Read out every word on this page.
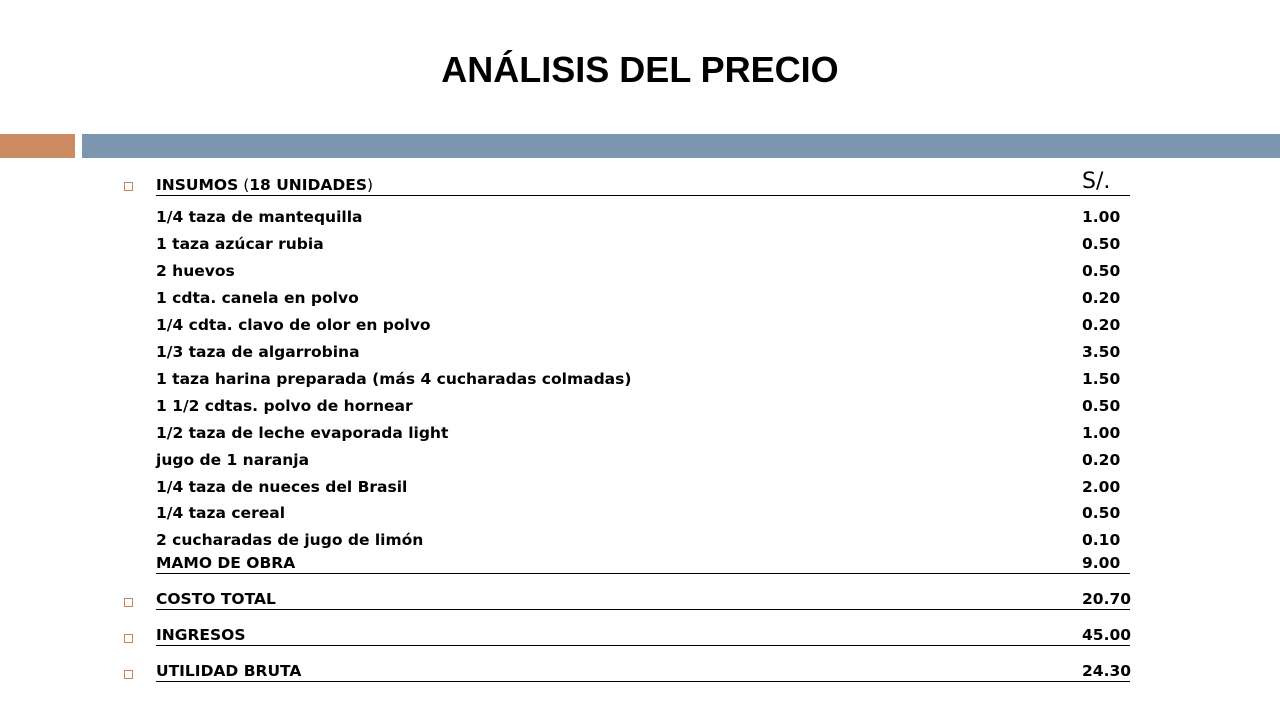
ANÁLISIS DEL PRECIO
INSUMOS (18 UNIDADES)	S/.
1/4 taza de mantequilla	1.00
1 taza azúcar rubia	0.50
2 huevos	0.50
1 cdta. canela en polvo	0.20
1/4 cdta. clavo de olor en polvo	0.20
1/3 taza de algarrobina	3.50
1 taza harina preparada (más 4 cucharadas colmadas)	1.50
1 1/2 cdtas. polvo de hornear	0.50
1/2 taza de leche evaporada light	1.00
jugo de 1 naranja	0.20
1/4 taza de nueces del Brasil	2.00
1/4 taza cereal	0.50
2 cucharadas de jugo de limón	0.10
MAMO DE OBRA	9.00
COSTO TOTAL	20.70
INGRESOS	45.00
UTILIDAD BRUTA	24.30
